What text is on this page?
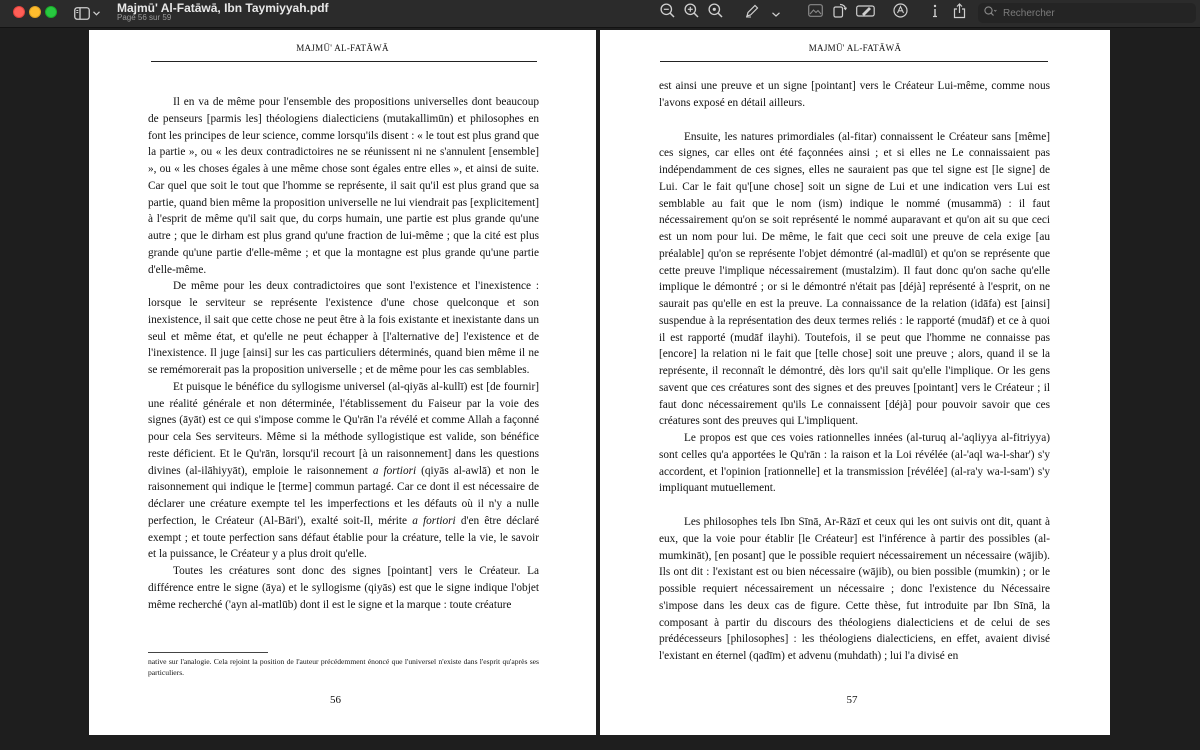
Majmū' Al-Fatāwā, Ibn Taymiyyah.pdf
Page 56 sur 59
Rechercher
MAJMŪ' AL-FATĀWĀ

Il en va de même pour l'ensemble des propositions universelles dont beaucoup de penseurs [parmis les] théologiens dialecticiens (mutakallimūn) et philosophes en font les principes de leur science, comme lorsqu'ils disent : « le tout est plus grand que la partie », ou « les deux contradictoires ne se réunissent ni ne s'annulent [ensemble] », ou « les choses égales à une même chose sont égales entre elles », et ainsi de suite. Car quel que soit le tout que l'homme se représente, il sait qu'il est plus grand que sa partie, quand bien même la proposition universelle ne lui viendrait pas [explicitement] à l'esprit de même qu'il sait que, du corps humain, une partie est plus grande qu'une autre ; que le dirham est plus grand qu'une fraction de lui-même ; que la cité est plus grande qu'une partie d'elle-même ; et que la montagne est plus grande qu'une partie d'elle-même.

De même pour les deux contradictoires que sont l'existence et l'inexistence : lorsque le serviteur se représente l'existence d'une chose quelconque et son inexistence, il sait que cette chose ne peut être à la fois existante et inexistante dans un seul et même état, et qu'elle ne peut échapper à [l'alternative de] l'existence et de l'inexistence. Il juge [ainsi] sur les cas particuliers déterminés, quand bien même il ne se remémorerait pas la proposition universelle ; et de même pour les cas semblables.

Et puisque le bénéfice du syllogisme universel (al-qiyās al-kullī) est [de fournir] une réalité générale et non déterminée, l'établissement du Faiseur par la voie des signes (āyāt) est ce qui s'impose comme le Qu'rān l'a révélé et comme Allah a façonné pour cela Ses serviteurs. Même si la méthode syllogistique est valide, son bénéfice reste déficient. Et le Qu'rān, lorsqu'il recourt [à un raisonnement] dans les questions divines (al-ilāhiyyāt), emploie le raisonnement a fortiori (qiyās al-awlā) et non le raisonnement qui indique le [terme] commun partagé. Car ce dont il est nécessaire de déclarer une créature exempte tel les imperfections et les défauts où il n'y a nulle perfection, le Créateur (Al-Bāri'), exalté soit-Il, mérite a fortiori d'en être déclaré exempt ; et toute perfection sans défaut établie pour la créature, telle la vie, le savoir et la puissance, le Créateur y a plus droit qu'elle.

Toutes les créatures sont donc des signes [pointant] vers le Créateur. La différence entre le signe (āya) et le syllogisme (qiyās) est que le signe indique l'objet même recherché ('ayn al-matlūb) dont il est le signe et la marque : toute créature

native sur l'analogie. Cela rejoint la position de l'auteur précédemment énoncé que l'universel n'existe dans l'esprit qu'après ses particuliers.
56
MAJMŪ' AL-FATĀWĀ

est ainsi une preuve et un signe [pointant] vers le Créateur Lui-même, comme nous l'avons exposé en détail ailleurs.

Ensuite, les natures primordiales (al-fitar) connaissent le Créateur sans [même] ces signes, car elles ont été façonnées ainsi ; et si elles ne Le connaissaient pas indépendamment de ces signes, elles ne sauraient pas que tel signe est [le signe] de Lui. Car le fait qu'[une chose] soit un signe de Lui et une indication vers Lui est semblable au fait que le nom (ism) indique le nommé (musammā) : il faut nécessairement qu'on se soit représenté le nommé auparavant et qu'on ait su que ceci est un nom pour lui. De même, le fait que ceci soit une preuve de cela exige [au préalable] qu'on se représente l'objet démontré (al-madlūl) et qu'on se représente que cette preuve l'implique nécessairement (mustalzim). Il faut donc qu'on sache qu'elle implique le démontré ; or si le démontré n'était pas [déjà] représenté à l'esprit, on ne saurait pas qu'elle en est la preuve. La connaissance de la relation (idāfa) est [ainsi] suspendue à la représentation des deux termes reliés : le rapporté (mudāf) et ce à quoi il est rapporté (mudāf ilayhi). Toutefois, il se peut que l'homme ne connaisse pas [encore] la relation ni le fait que [telle chose] soit une preuve ; alors, quand il se la représente, il reconnaît le démontré, dès lors qu'il sait qu'elle l'implique. Or les gens savent que ces créatures sont des signes et des preuves [pointant] vers le Créateur ; il faut donc nécessairement qu'ils Le connaissent [déjà] pour pouvoir savoir que ces créatures sont des preuves qui L'impliquent.

Le propos est que ces voies rationnelles innées (al-turuq al-'aqliyya al-fitriyya) sont celles qu'a apportées le Qu'rān : la raison et la Loi révélée (al-'aql wa-l-shar') s'y accordent, et l'opinion [rationnelle] et la transmission [révélée] (al-ra'y wa-l-sam') s'y impliquant mutuellement.

Les philosophes tels Ibn Sīnā, Ar-Rāzī et ceux qui les ont suivis ont dit, quant à eux, que la voie pour établir [le Créateur] est l'inférence à partir des possibles (al-mumkināt), [en posant] que le possible requiert nécessairement un nécessaire (wājib). Ils ont dit : l'existant est ou bien nécessaire (wājib), ou bien possible (mumkin) ; or le possible requiert nécessairement un nécessaire ; donc l'existence du Nécessaire s'impose dans les deux cas de figure. Cette thèse, fut introduite par Ibn Sīnā, la composant à partir du discours des théologiens dialecticiens et de celui de ses prédécesseurs [philosophes] : les théologiens dialecticiens, en effet, avaient divisé l'existant en éternel (qadīm) et advenu (muhdath) ; lui l'a divisé en

57
